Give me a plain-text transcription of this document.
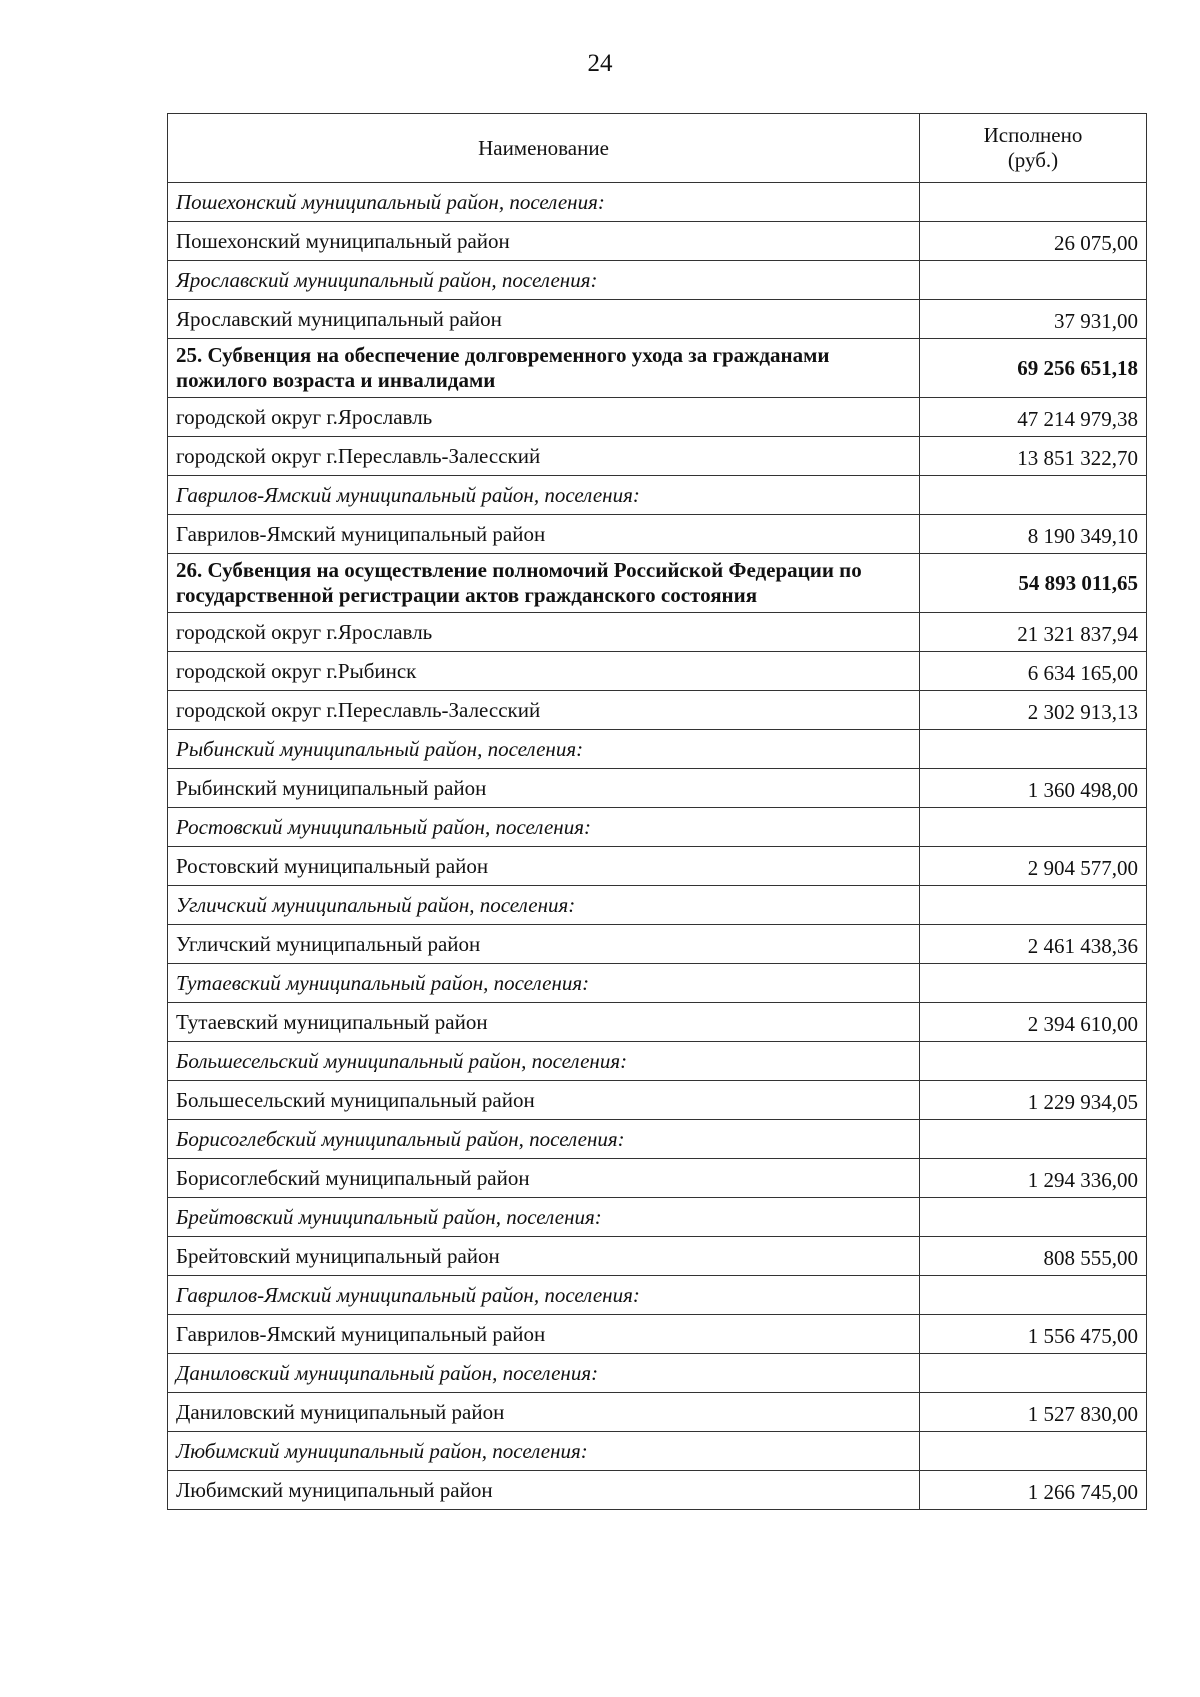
24
Наименование	Исполнено
(руб.)

Пошехонский муниципальный район, поселения:	
Пошехонский муниципальный район	26 075,00
Ярославский муниципальный район, поселения:	
Ярославский муниципальный район	37 931,00
25. Субвенция на обеспечение долговременного ухода за гражданами пожилого возраста и инвалидами	69 256 651,18
городской округ г.Ярославль	47 214 979,38
городской округ г.Переславль-Залесский	13 851 322,70
Гаврилов-Ямский муниципальный район, поселения:	
Гаврилов-Ямский муниципальный район	8 190 349,10
26. Субвенция на осуществление полномочий Российской Федерации по государственной регистрации актов гражданского состояния	54 893 011,65
городской округ г.Ярославль	21 321 837,94
городской округ г.Рыбинск	6 634 165,00
городской округ г.Переславль-Залесский	2 302 913,13
Рыбинский муниципальный район, поселения:	
Рыбинский муниципальный район	1 360 498,00
Ростовский муниципальный район, поселения:	
Ростовский муниципальный район	2 904 577,00
Угличский муниципальный район, поселения:	
Угличский муниципальный район	2 461 438,36
Тутаевский муниципальный район, поселения:	
Тутаевский муниципальный район	2 394 610,00
Большесельский муниципальный район, поселения:	
Большесельский муниципальный район	1 229 934,05
Борисоглебский муниципальный район, поселения:	
Борисоглебский муниципальный район	1 294 336,00
Брейтовский муниципальный район, поселения:	
Брейтовский муниципальный район	808 555,00
Гаврилов-Ямский муниципальный район, поселения:	
Гаврилов-Ямский муниципальный район	1 556 475,00
Даниловский муниципальный район, поселения:	
Даниловский муниципальный район	1 527 830,00
Любимский муниципальный район, поселения:	
Любимский муниципальный район	1 266 745,00
